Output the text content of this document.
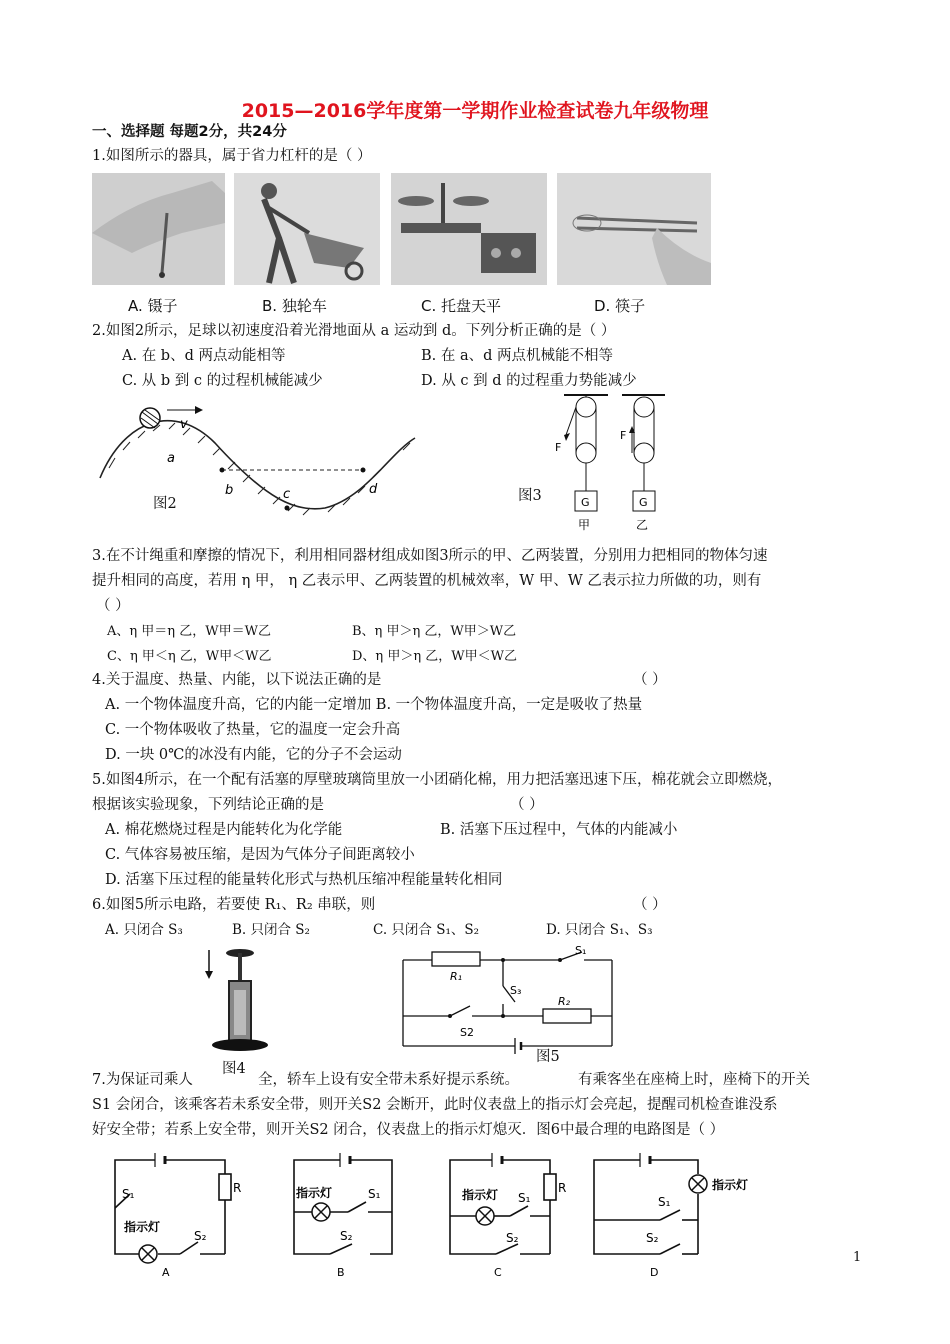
2015—2016学年度第一学期作业检查试卷九年级物理
一、选择题 每题2分，共24分
1.如图所示的器具，属于省力杠杆的是（ ）
A. 镊子	B. 独轮车	C. 托盘天平	D. 筷子
2.如图2所示，足球以初速度沿着光滑地面从 a 运动到 d。下列分析正确的是（ ）
A. 在 b、d 两点动能相等	B. 在 a、d 两点机械能不相等
C. 从 b 到 c 的过程机械能减少	D. 从 c 到 d 的过程重力势能减少
v
a
b	c	d
图2	G
F
甲
G
F
乙
图3
3.在不计绳重和摩擦的情况下，利用相同器材组成如图3所示的甲、乙两装置，分别用力把相同的物体匀速
提升相同的高度，若用 η 甲， η 乙表示甲、乙两装置的机械效率，W 甲、W 乙表示拉力所做的功，则有
（ ）
A、η 甲＝η 乙，W甲＝W乙	B、η 甲＞η 乙，W甲＞W乙
C、η 甲＜η 乙，W甲＜W乙	D、η 甲＞η 乙，W甲＜W乙
4.关于温度、热量、内能，以下说法正确的是	（ ）
A. 一个物体温度升高，它的内能一定增加 B. 一个物体温度升高，一定是吸收了热量
C. 一个物体吸收了热量，它的温度一定会升高
D. 一块 0℃的冰没有内能，它的分子不会运动
5.如图4所示，在一个配有活塞的厚壁玻璃筒里放一小团硝化棉，用力把活塞迅速下压，棉花就会立即燃烧，
根据该实验现象，下列结论正确的是	（ ）
A. 棉花燃烧过程是内能转化为化学能	B. 活塞下压过程中，气体的内能减小
C. 气体容易被压缩，是因为气体分子间距离较小
D. 活塞下压过程的能量转化形式与热机压缩冲程能量转化相同
6.如图5所示电路，若要使 R₁、R₂ 串联，则	（ ）
A. 只闭合 S₃	B. 只闭合 S₂	C. 只闭合 S₁、S₂	D. 只闭合 S₁、S₃
图4
R₁
S₁
S₃
R₂
S2
图5
7.为保证司乘人	全，轿车上设有安全带未系好提示系统。	有乘客坐在座椅上时，座椅下的开关
S1 会闭合，该乘客若未系安全带，则开关S2 会断开，此时仪表盘上的指示灯会亮起，提醒司机检查谁没系
好安全带；若系上安全带，则开关S2 闭合，仪表盘上的指示灯熄灭．图6中最合理的电路图是（ ）
S₁
指示灯
S₂
R
A
指示灯	S₁
S₂
B
指示灯 S₁
S₂
R
C
指示灯
S₁
S₂
D
1
